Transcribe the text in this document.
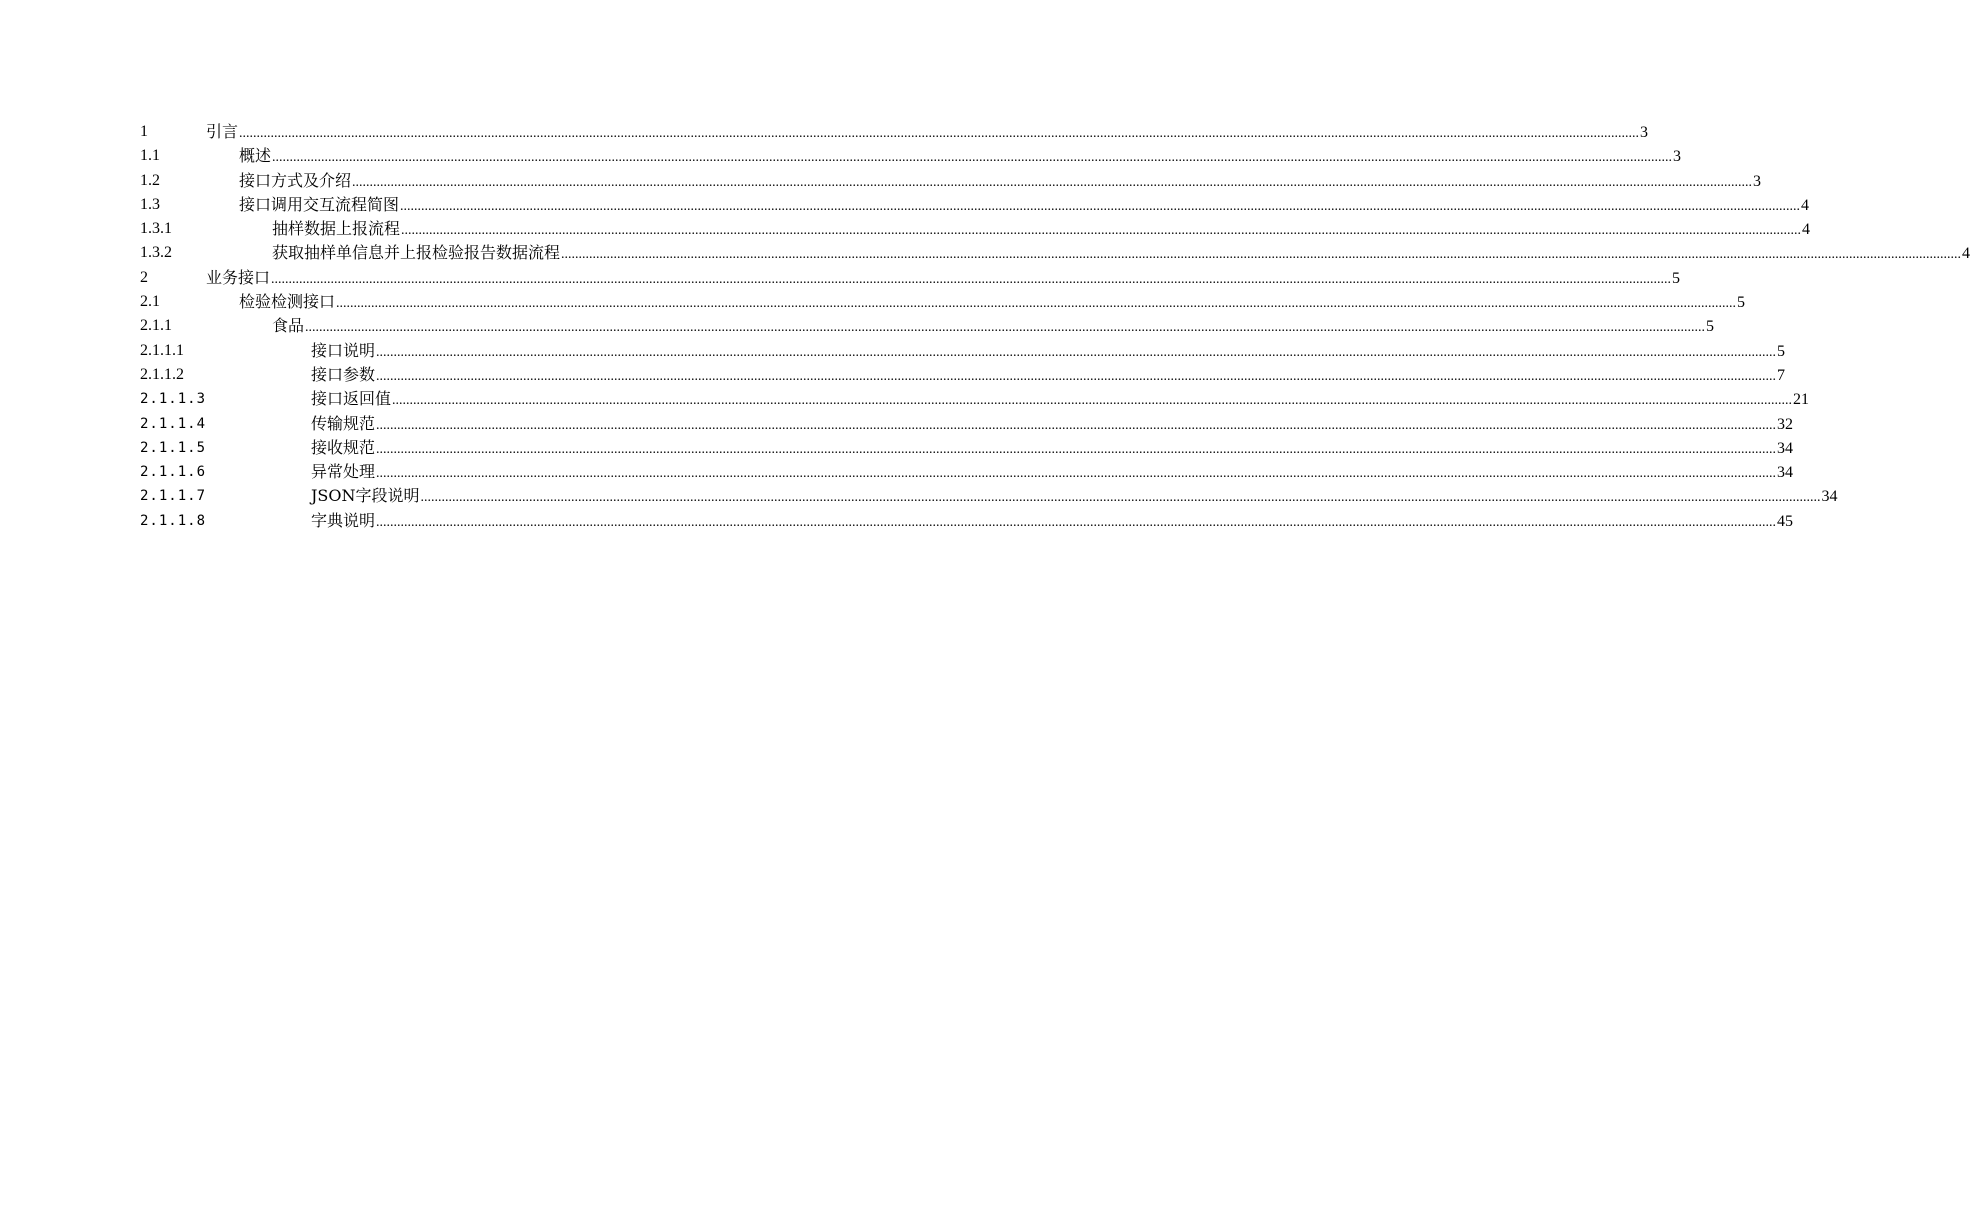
1	引言 ................................................................................................................................................................................................................................................................................................................................................................................................................ 3
1.1	概述 ................................................................................................................................................................................................................................................................................................................................................................................................................ 3
1.2	接口方式及介绍 ................................................................................................................................................................................................................................................................................................................................................................................................................ 3
1.3	接口调用交互流程简图 ................................................................................................................................................................................................................................................................................................................................................................................................................ 4
1.3.1	抽样数据上报流程 ................................................................................................................................................................................................................................................................................................................................................................................................................ 4
1.3.2	获取抽样单信息并上报检验报告数据流程 ................................................................................................................................................................................................................................................................................................................................................................................................................ 4
2	业务接口 ................................................................................................................................................................................................................................................................................................................................................................................................................ 5
2.1	检验检测接口 ................................................................................................................................................................................................................................................................................................................................................................................................................ 5
2.1.1	食品 ................................................................................................................................................................................................................................................................................................................................................................................................................ 5
2.1.1.1	接口说明 ................................................................................................................................................................................................................................................................................................................................................................................................................ 5
2.1.1.2	接口参数 ................................................................................................................................................................................................................................................................................................................................................................................................................ 7
2.1.1.3	接口返回值 ................................................................................................................................................................................................................................................................................................................................................................................................................ 21
2.1.1.4	传输规范 ................................................................................................................................................................................................................................................................................................................................................................................................................ 32
2.1.1.5	接收规范 ................................................................................................................................................................................................................................................................................................................................................................................................................ 34
2.1.1.6	异常处理 ................................................................................................................................................................................................................................................................................................................................................................................................................ 34
2.1.1.7	JSON字段说明 ................................................................................................................................................................................................................................................................................................................................................................................................................ 34
2.1.1.8	字典说明 ................................................................................................................................................................................................................................................................................................................................................................................................................ 45
